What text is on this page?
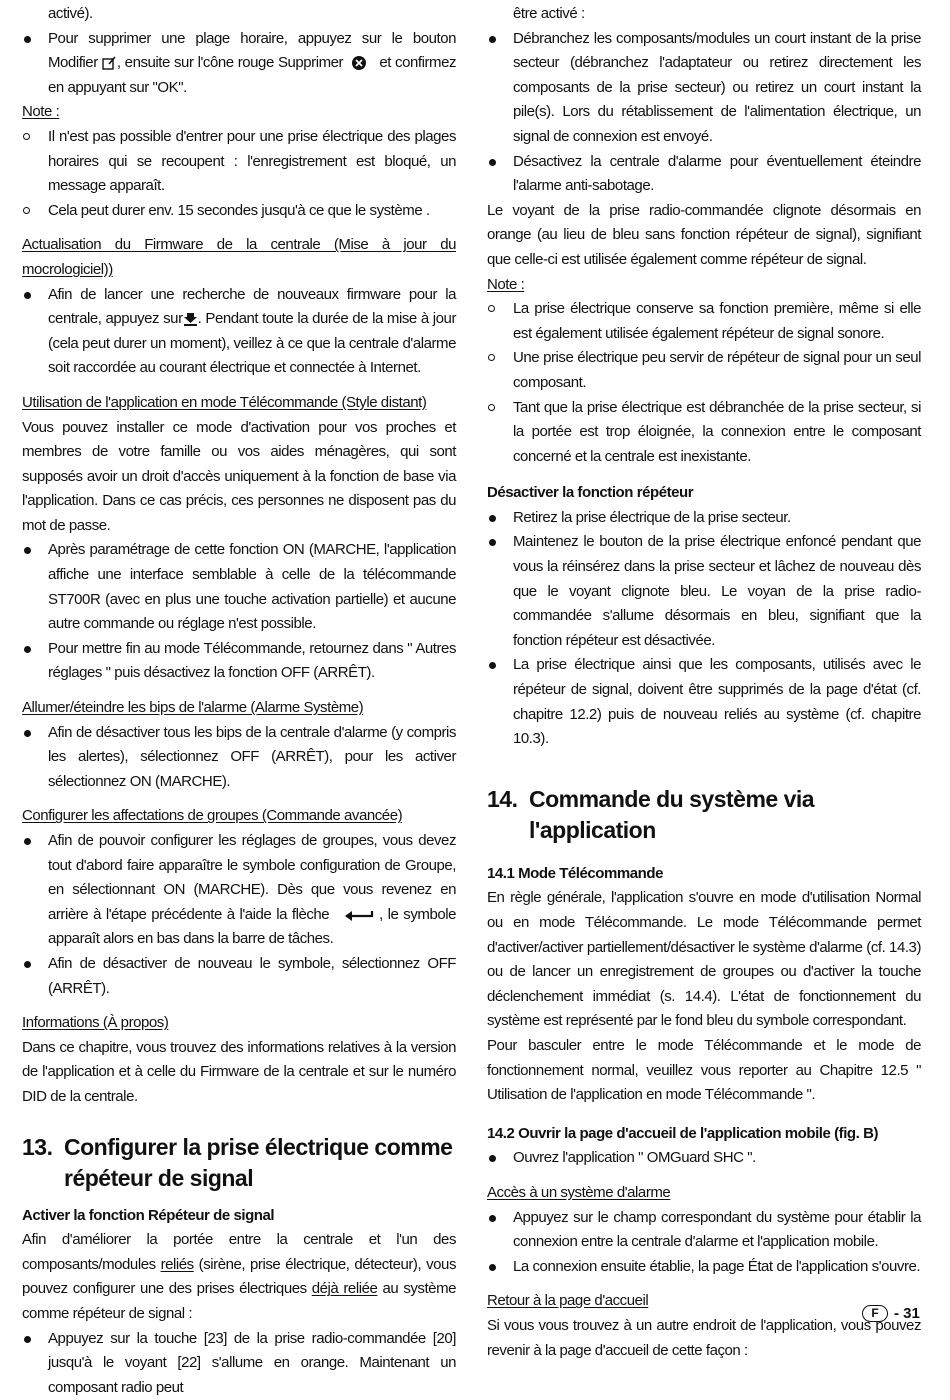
activé).

Pour supprimer une plage horaire, appuyez sur le bouton Modifier , ensuite sur l'cône rouge Supprimer et confirmez en appuyant sur "OK".

Note :

Il n'est pas possible d'entrer pour une prise électrique des plages horaires qui se recoupent : l'enregistrement est bloqué, un message apparaît.
Cela peut durer env. 15 secondes jusqu'à ce que le système .

Actualisation du Firmware de la centrale (Mise à jour du mocrologiciel))

Afin de lancer une recherche de nouveaux firmware pour la centrale, appuyez sur . Pendant toute la durée de la mise à jour (cela peut durer un moment), veillez à ce que la centrale d'alarme soit raccordée au courant électrique et connectée à Internet.

Utilisation de l'application en mode Télécommande (Style distant)

Vous pouvez installer ce mode d'activation pour vos proches et membres de votre famille ou vos aides ménagères, qui sont supposés avoir un droit d'accès uniquement à la fonction de base via l'application. Dans ce cas précis, ces personnes ne disposent pas du mot de passe.

Après paramétrage de cette fonction ON (MARCHE, l'application affiche une interface semblable à celle de la télécommande ST700R (avec en plus une touche activation partielle) et aucune autre commande ou réglage n'est possible.
Pour mettre fin au mode Télécommande, retournez dans " Autres réglages " puis désactivez la fonction OFF (ARRÊT).

Allumer/éteindre les bips de l'alarme (Alarme Système)

Afin de désactiver tous les bips de la centrale d'alarme (y compris les alertes), sélectionnez OFF (ARRÊT), pour les activer sélectionnez ON (MARCHE).

Configurer les affectations de groupes (Commande avancée)

Afin de pouvoir configurer les réglages de groupes, vous devez tout d'abord faire apparaître le symbole configuration de Groupe, en sélectionnant ON (MARCHE). Dès que vous revenez en arrière à l'étape précédente à l'aide la flèche	, le symbole apparaît alors en bas dans la barre de tâches.
Afin de désactiver de nouveau le symbole, sélectionnez OFF (ARRÊT).

Informations (À propos)

Dans ce chapitre, vous trouvez des informations relatives à la version de l'application et à celle du Firmware de la centrale et sur le numéro DID de la centrale.

13. Configurer la prise électrique comme répéteur de signal

Activer la fonction Répéteur de signal

Afin d'améliorer la portée entre la centrale et l'un des composants/modules reliés (sirène, prise électrique, détecteur), vous pouvez configurer une des prises électriques déjà reliée au système comme répéteur de signal :

Appuyez sur la touche [23] de la prise radio-commandée [20] jusqu'à le voyant [22] s'allume en orange. Maintenant un composant radio peut

être activé :

Débranchez les composants/modules un court instant de la prise secteur (débranchez l'adaptateur ou retirez directement les composants de la prise secteur) ou retirez un court instant la pile(s). Lors du rétablissement de l'alimentation électrique, un signal de connexion est envoyé.
Désactivez la centrale d'alarme pour éventuellement éteindre l'alarme anti-sabotage.

Le voyant de la prise radio-commandée clignote désormais en orange (au lieu de bleu sans fonction répéteur de signal), signifiant que celle-ci est utilisée également comme répéteur de signal.

Note :

La prise électrique conserve sa fonction première, même si elle est également utilisée également répéteur de signal sonore.
Une prise électrique peu servir de répéteur de signal pour un seul composant.
Tant que la prise électrique est débranchée de la prise secteur, si la portée est trop éloignée, la connexion entre le composant concerné et la centrale est inexistante.

Désactiver la fonction répéteur

Retirez la prise électrique de la prise secteur.
Maintenez le bouton de la prise électrique enfoncé pendant que vous la réinsérez dans la prise secteur et lâchez de nouveau dès que le voyant clignote bleu. Le voyan de la prise radio-commandée s'allume désormais en bleu, signifiant que la fonction répéteur est désactivée.
La prise électrique ainsi que les composants, utilisés avec le répéteur de signal, doivent être supprimés de la page d'état (cf. chapitre 12.2) puis de nouveau reliés au système (cf. chapitre 10.3).
14. Commande du système via l'application

14.1 Mode Télécommande

En règle générale, l'application s'ouvre en mode d'utilisation Normal ou en mode Télécommande. Le mode Télécommande permet d'activer/activer partiellement/désactiver le système d'alarme (cf. 14.3) ou de lancer un enregistrement de groupes ou d'activer la touche déclenchement immédiat (s. 14.4). L'état de fonctionnement du système est représenté par le fond bleu du symbole correspondant.

Pour basculer entre le mode Télécommande et le mode de fonctionnement normal, veuillez vous reporter au Chapitre 12.5 " Utilisation de l'application en mode Télécommande ".

14.2 Ouvrir la page d'accueil de l'application mobile (fig. B)

Ouvrez l'application " OMGuard SHC ".

Accès à un système d'alarme

Appuyez sur le champ correspondant du système pour établir la connexion entre la centrale d'alarme et l'application mobile.
La connexion ensuite établie, la page État de l'application s'ouvre.

Retour à la page d'accueil

Si vous vous trouvez à un autre endroit de l'application, vous pouvez revenir à la page d'accueil de cette façon :

F	- 31
